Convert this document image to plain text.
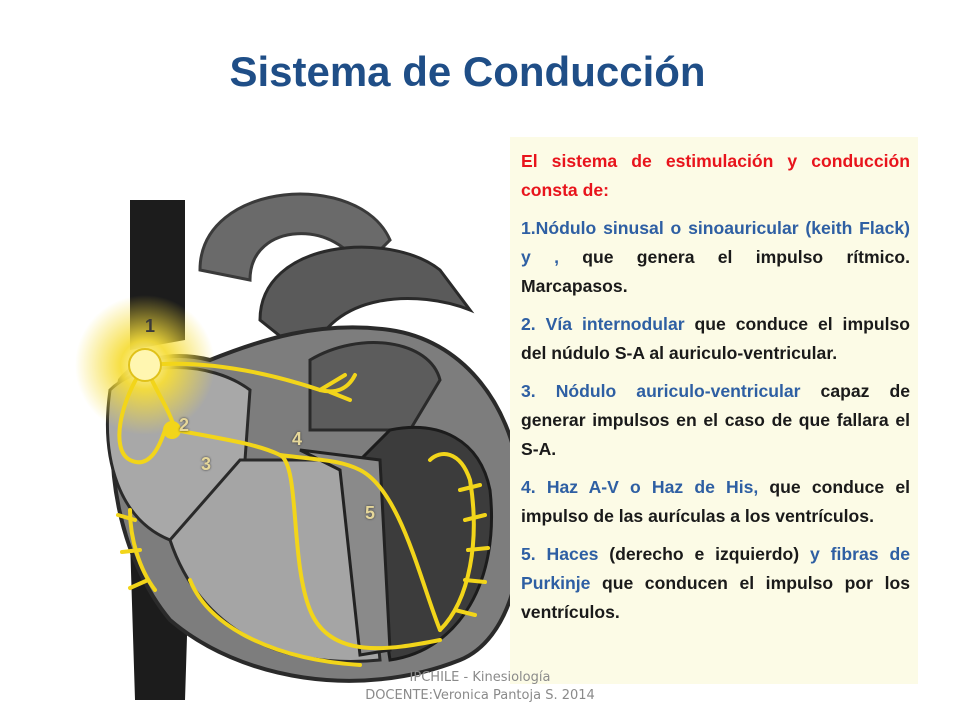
Sistema de Conducción
1
2
3
4
5

El sistema de estimulación y conducción consta de:

1.Nódulo sinusal o sinoauricular (keith Flack) y , que genera el impulso rítmico. Marcapasos.

2. Vía internodular que conduce el impulso del núdulo S-A al auriculo-ventricular.

3. Nódulo auriculo-ventricular capaz de generar impulsos en el caso de que fallara el S-A.

4. Haz A-V o Haz de His, que conduce el impulso de las aurículas a los ventrículos.

5. Haces (derecho e izquierdo) y fibras de Purkinje que conducen el impulso por los ventrículos.

IPCHILE - Kinesiología
DOCENTE:Veronica Pantoja S. 2014
